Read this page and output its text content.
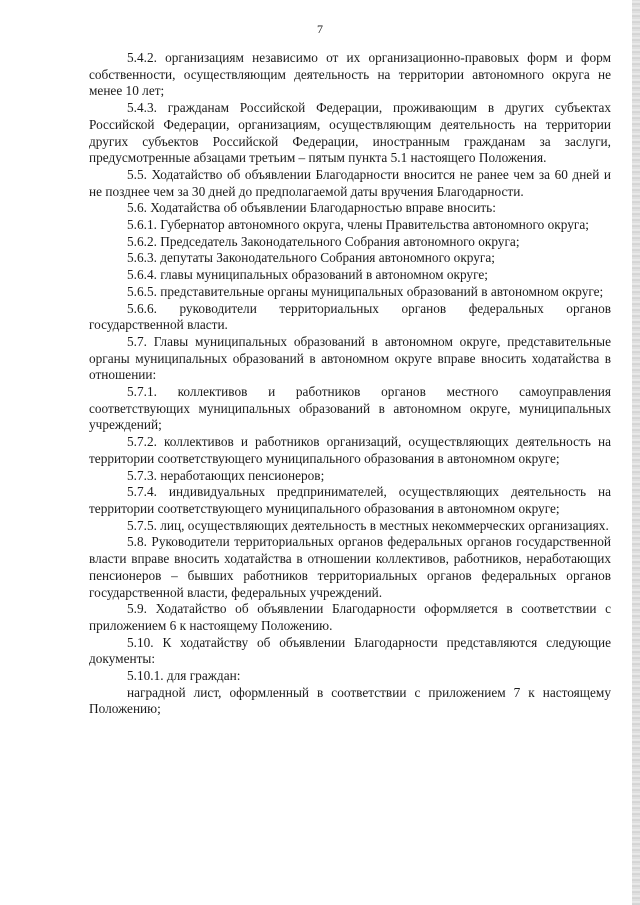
7

5.4.2. организациям независимо от их организационно-правовых форм и форм собственности, осуществляющим деятельность на территории автономного округа не менее 10 лет;

5.4.3. гражданам Российской Федерации, проживающим в других субъектах Российской Федерации, организациям, осуществляющим деятельность на территории других субъектов Российской Федерации, иностранным гражданам за заслуги, предусмотренные абзацами третьим – пятым пункта 5.1 настоящего Положения.

5.5. Ходатайство об объявлении Благодарности вносится не ранее чем за 60 дней и не позднее чем за 30 дней до предполагаемой даты вручения Благодарности.

5.6. Ходатайства об объявлении Благодарностью вправе вносить:

5.6.1. Губернатор автономного округа, члены Правительства автономного округа;

5.6.2. Председатель Законодательного Собрания автономного округа;

5.6.3. депутаты Законодательного Собрания автономного округа;

5.6.4. главы муниципальных образований в автономном округе;

5.6.5. представительные органы муниципальных образований в автономном округе;

5.6.6. руководители территориальных органов федеральных органов государственной власти.

5.7. Главы муниципальных образований в автономном округе, представительные органы муниципальных образований в автономном округе вправе вносить ходатайства в отношении:

5.7.1. коллективов и работников органов местного самоуправления соответствующих муниципальных образований в автономном округе, муниципальных учреждений;

5.7.2. коллективов и работников организаций, осуществляющих деятельность на территории соответствующего муниципального образования в автономном округе;

5.7.3. неработающих пенсионеров;

5.7.4. индивидуальных предпринимателей, осуществляющих деятельность на территории соответствующего муниципального образования в автономном округе;

5.7.5. лиц, осуществляющих деятельность в местных некоммерческих организациях.

5.8. Руководители территориальных органов федеральных органов государственной власти вправе вносить ходатайства в отношении коллективов, работников, неработающих пенсионеров – бывших работников территориальных органов федеральных органов государственной власти, федеральных учреждений.

5.9. Ходатайство об объявлении Благодарности оформляется в соответствии с приложением 6 к настоящему Положению.

5.10. К ходатайству об объявлении Благодарности представляются следующие документы:

5.10.1. для граждан:

наградной лист, оформленный в соответствии с приложением 7 к настоящему Положению;
